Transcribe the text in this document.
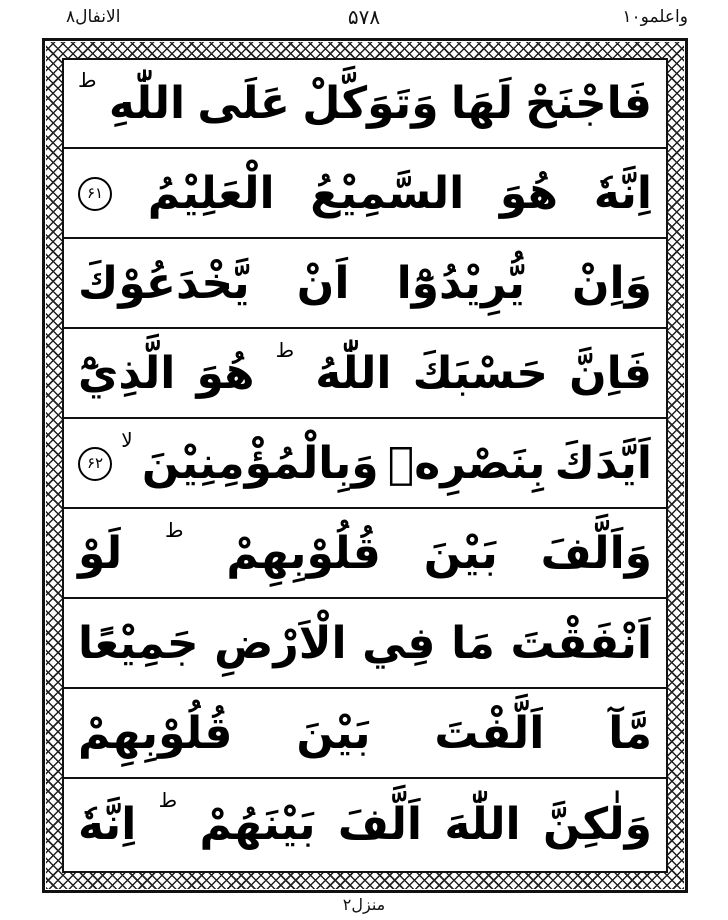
الانفال۸	۵۷۸	واعلمو۱۰
فَاجْنَحْ
لَهَا
وَتَوَكَّلْ
عَلَى
اللّٰهِ
ط
اِنَّهٗ
هُوَ
السَّمِيْعُ
الْعَلِيْمُ
۶۱
وَاِنْ
يُّرِيْدُوْٓا
اَنْ
يَّخْدَعُوْكَ
فَاِنَّ
حَسْبَكَ
اللّٰهُ
ط
هُوَ
الَّذِيْٓ
اَيَّدَكَ
بِنَصْرِهٖ
وَبِالْمُؤْمِنِيْنَ
لا
۶۲
وَاَلَّفَ
بَيْنَ
قُلُوْبِهِمْ
ط
لَوْ
اَنْفَقْتَ
مَا
فِي
الْاَرْضِ
جَمِيْعًا
مَّآ
اَلَّفْتَ
بَيْنَ
قُلُوْبِهِمْ
وَلٰكِنَّ
اللّٰهَ
اَلَّفَ
بَيْنَهُمْ
ط
اِنَّهٗ
منزل۲
